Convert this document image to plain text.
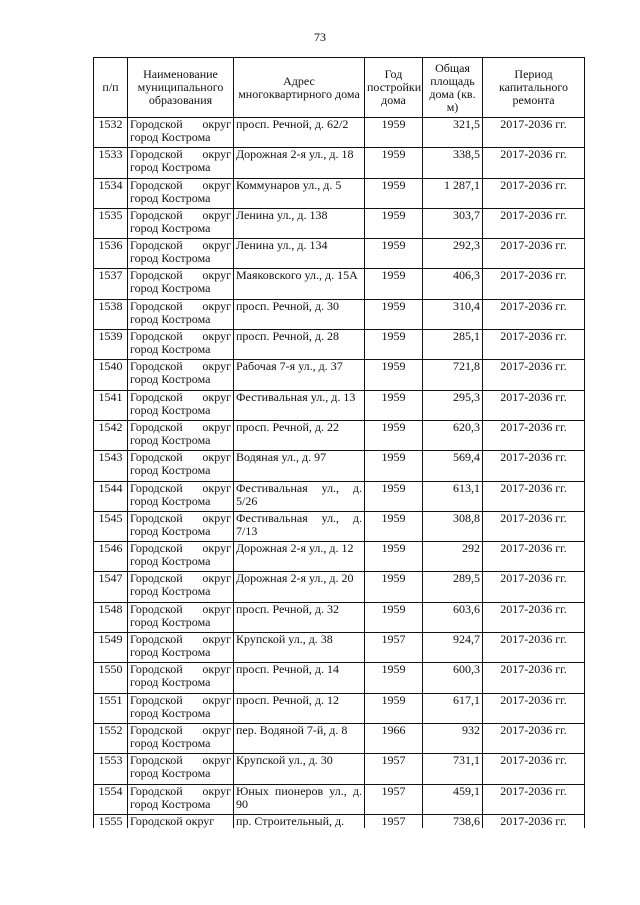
73
п/п	Наименование муниципального образования	Адрес многоквартирного дома	Год постройки дома	Общая площадь дома (кв. м)	Период капитального ремонта
1532	Городской округ город Кострома	просп. Речной, д. 62/2	1959	321,5	2017-2036 гг.
1533	Городской округ город Кострома	Дорожная 2-я ул., д. 18	1959	338,5	2017-2036 гг.
1534	Городской округ город Кострома	Коммунаров ул., д. 5	1959	1 287,1	2017-2036 гг.
1535	Городской округ город Кострома	Ленина ул., д. 138	1959	303,7	2017-2036 гг.
1536	Городской округ город Кострома	Ленина ул., д. 134	1959	292,3	2017-2036 гг.
1537	Городской округ город Кострома	Маяковского ул., д. 15А	1959	406,3	2017-2036 гг.
1538	Городской округ город Кострома	просп. Речной, д. 30	1959	310,4	2017-2036 гг.
1539	Городской округ город Кострома	просп. Речной, д. 28	1959	285,1	2017-2036 гг.
1540	Городской округ город Кострома	Рабочая 7-я ул., д. 37	1959	721,8	2017-2036 гг.
1541	Городской округ город Кострома	Фестивальная ул., д. 13	1959	295,3	2017-2036 гг.
1542	Городской округ город Кострома	просп. Речной, д. 22	1959	620,3	2017-2036 гг.
1543	Городской округ город Кострома	Водяная ул., д. 97	1959	569,4	2017-2036 гг.
1544	Городской округ город Кострома	Фестивальная ул., д. 5/26	1959	613,1	2017-2036 гг.
1545	Городской округ город Кострома	Фестивальная ул., д. 7/13	1959	308,8	2017-2036 гг.
1546	Городской округ город Кострома	Дорожная 2-я ул., д. 12	1959	292	2017-2036 гг.
1547	Городской округ город Кострома	Дорожная 2-я ул., д. 20	1959	289,5	2017-2036 гг.
1548	Городской округ город Кострома	просп. Речной, д. 32	1959	603,6	2017-2036 гг.
1549	Городской округ город Кострома	Крупской ул., д. 38	1957	924,7	2017-2036 гг.
1550	Городской округ город Кострома	просп. Речной, д. 14	1959	600,3	2017-2036 гг.
1551	Городской округ город Кострома	просп. Речной, д. 12	1959	617,1	2017-2036 гг.
1552	Городской округ город Кострома	пер. Водяной 7-й, д. 8	1966	932	2017-2036 гг.
1553	Городской округ город Кострома	Крупской ул., д. 30	1957	731,1	2017-2036 гг.
1554	Городской округ город Кострома	Юных пионеров ул., д. 90	1957	459,1	2017-2036 гг.
1555	Городской округ	пр. Строительный, д.	1957	738,6	2017-2036 гг.
